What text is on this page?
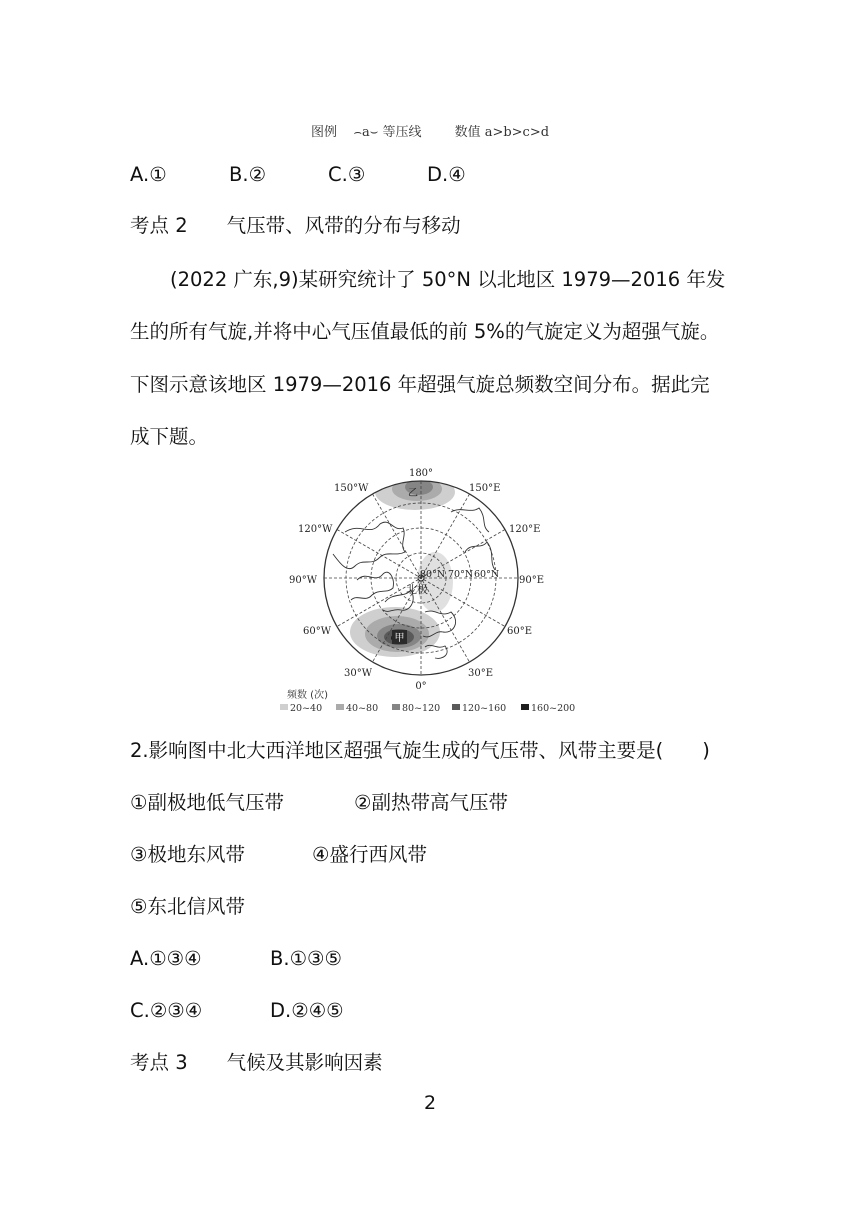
图例 ⌢a⌣ 等压线	数值 a>b>c>d
A.①	B.②	C.③	D.④
考点 2　　气压带、风带的分布与移动
(2022 广东,9)某研究统计了 50°N 以北地区 1979—2016 年发
生的所有气旋,并将中心气压值最低的前 5%的气旋定义为超强气旋。
下图示意该地区 1979—2016 年超强气旋总频数空间分布。据此完
成下题。
180°
0°
150°W
120°W
90°W
60°W
30°W
150°E
120°E
90°E
60°E
30°E
80°N 70°N 60°N
北极
甲
乙
频数 (次)
20~40	40~80	80~120 120~160	160~200
2.影响图中北大西洋地区超强气旋生成的气压带、风带主要是(　　)
①副极地低气压带	②副热带高气压带
③极地东风带	④盛行西风带
⑤东北信风带
A.①③④	B.①③⑤
C.②③④	D.②④⑤
考点 3　　气候及其影响因素
2
